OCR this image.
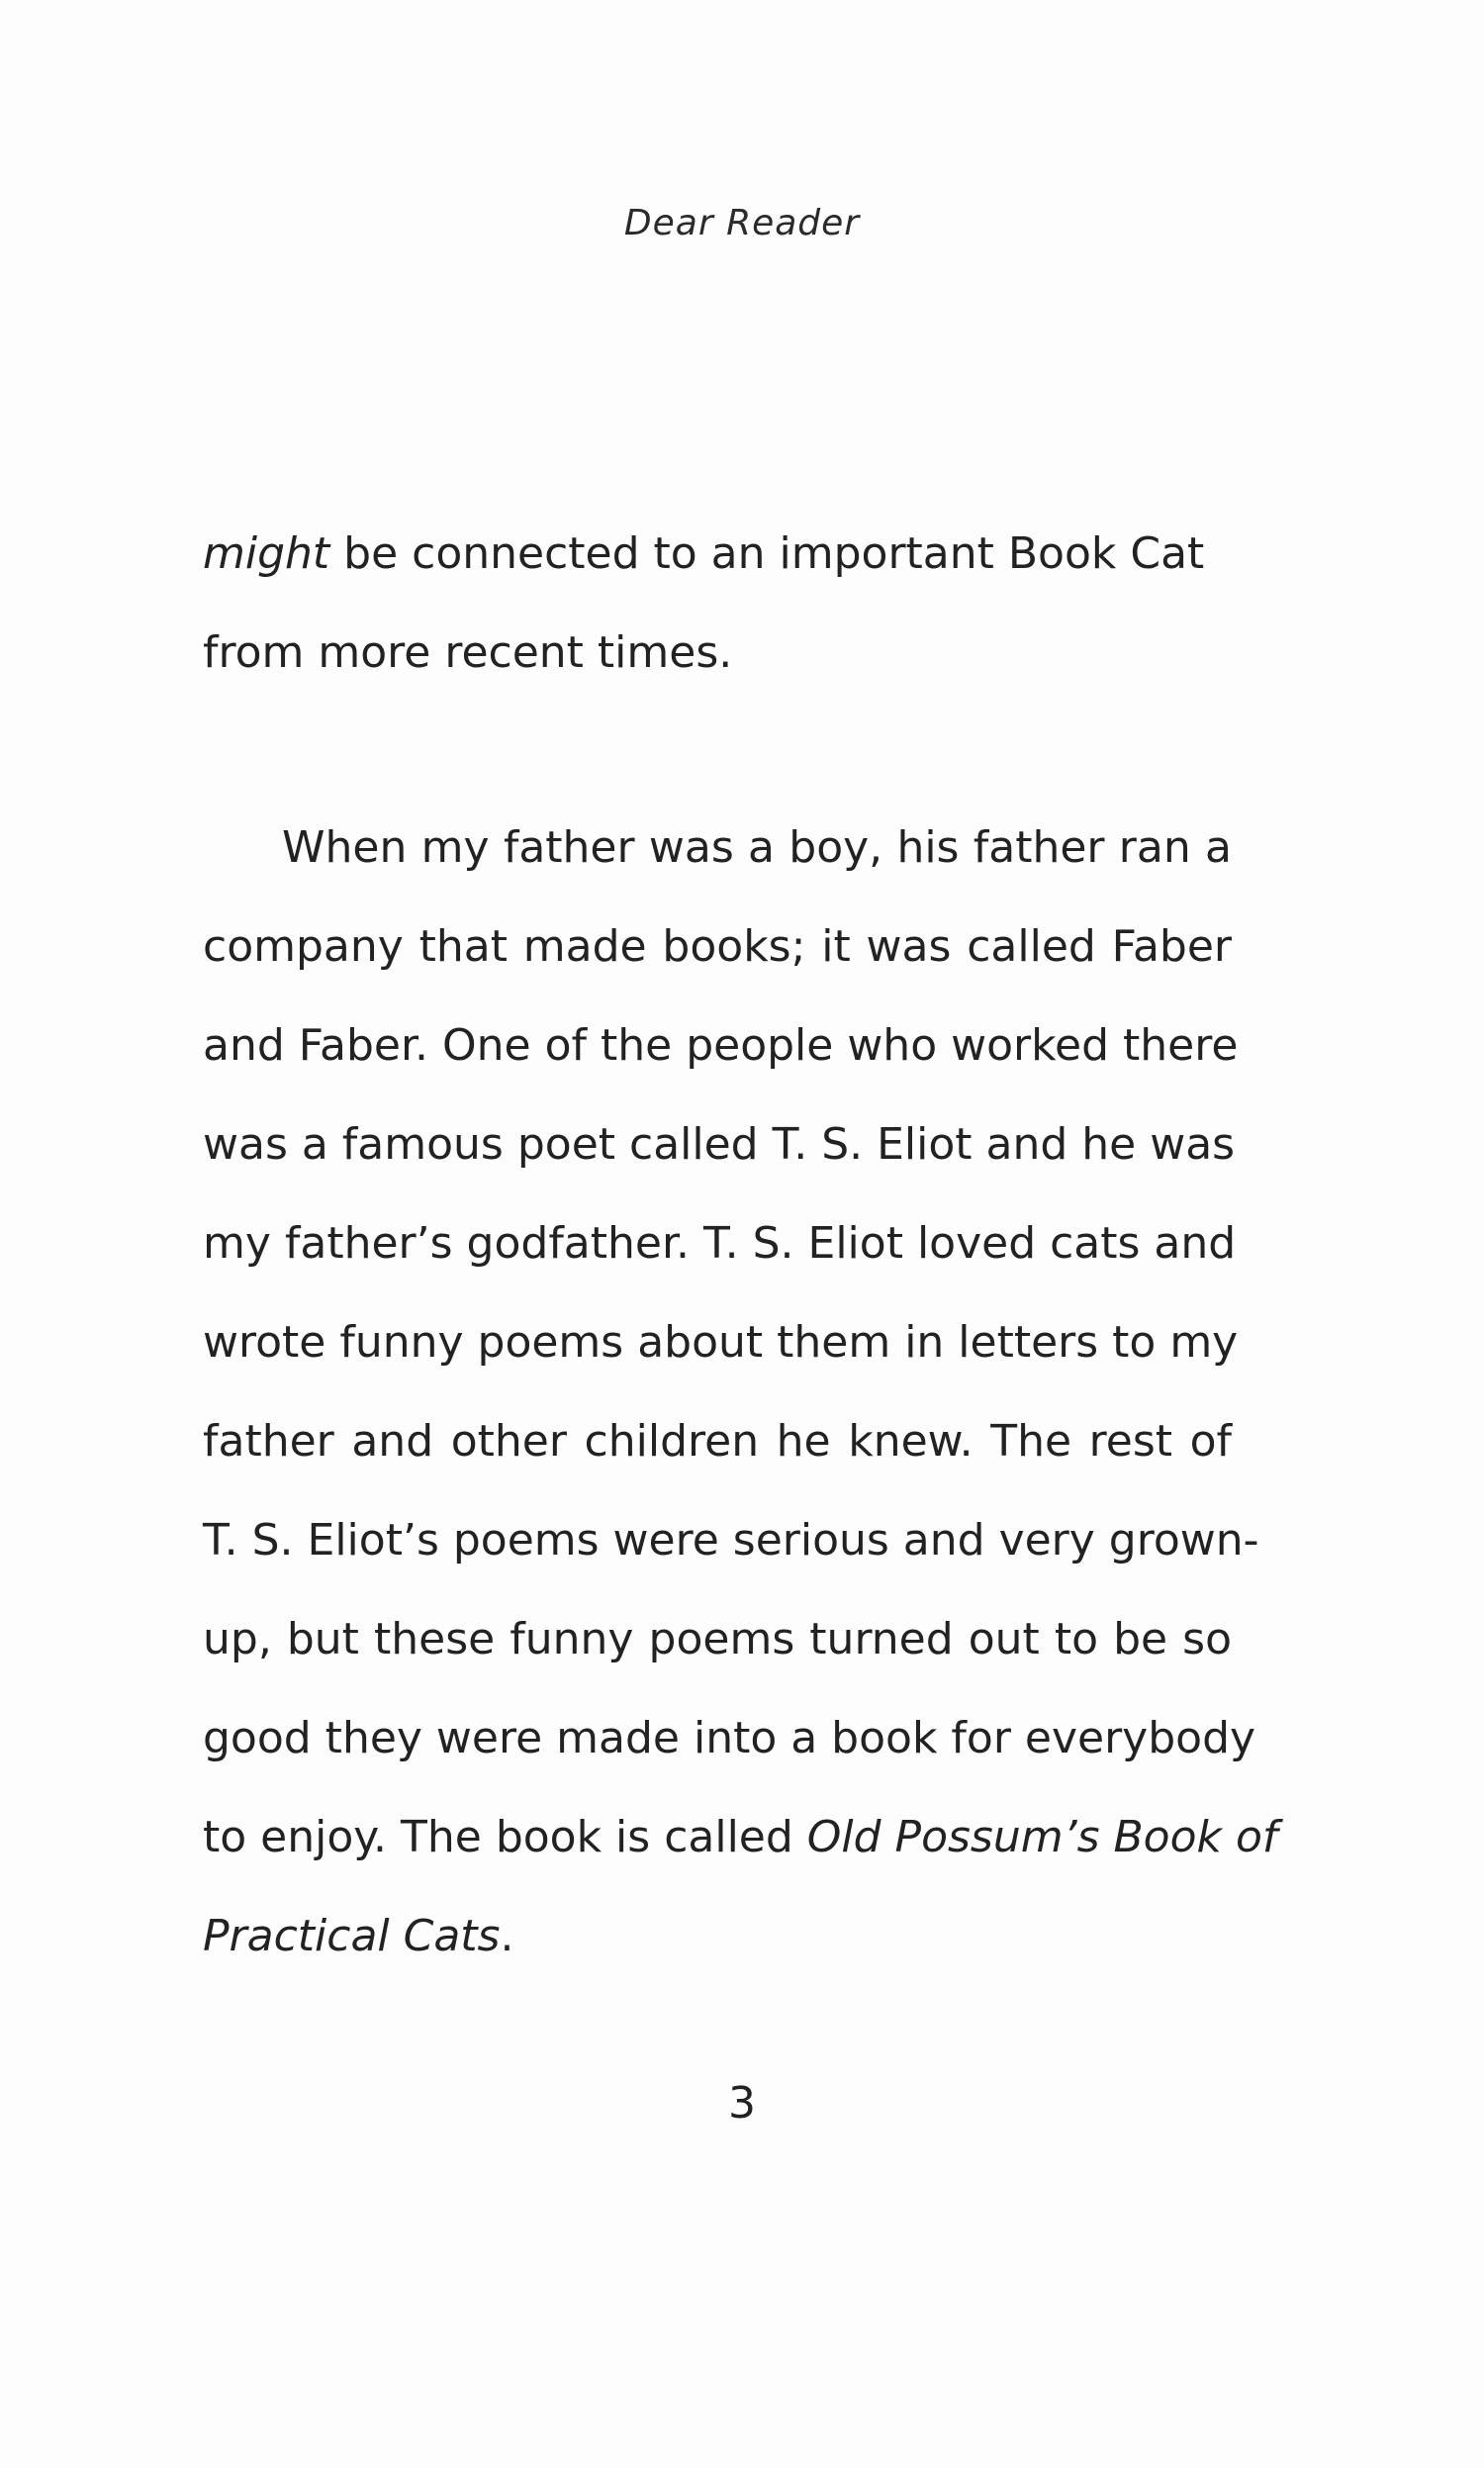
Dear Reader
might be connected to an important Book Cat
from more recent times.
When my father was a boy, his father ran a
company that made books; it was called Faber
and Faber. One of the people who worked there
was a famous poet called T. S. Eliot and he was
my father’s godfather. T. S. Eliot loved cats and
wrote funny poems about them in letters to my
father and other children he knew. The rest of
T. S. Eliot’s poems were serious and very grown-
up, but these funny poems turned out to be so
good they were made into a book for everybody
to enjoy. The book is called Old Possum’s Book of
Practical Cats.
3
